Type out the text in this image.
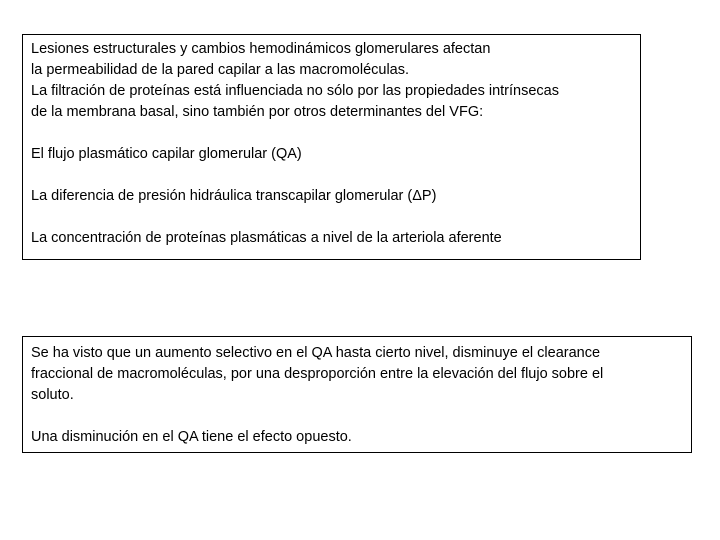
Lesiones estructurales y cambios hemodinámicos glomerulares afectan
la permeabilidad de la pared capilar a las macromoléculas.
La filtración de proteínas está influenciada no sólo por las propiedades intrínsecas
de la membrana basal, sino también por otros determinantes del VFG:
El flujo plasmático capilar glomerular (QA)
La diferencia de presión hidráulica transcapilar glomerular (ΔP)
La concentración de proteínas plasmáticas a nivel de la arteriola aferente
Se ha visto que un aumento selectivo en el QA hasta cierto nivel, disminuye el clearance
fraccional de macromoléculas, por una desproporción entre la elevación del flujo sobre el
soluto.
Una disminución en el QA tiene el efecto opuesto.
